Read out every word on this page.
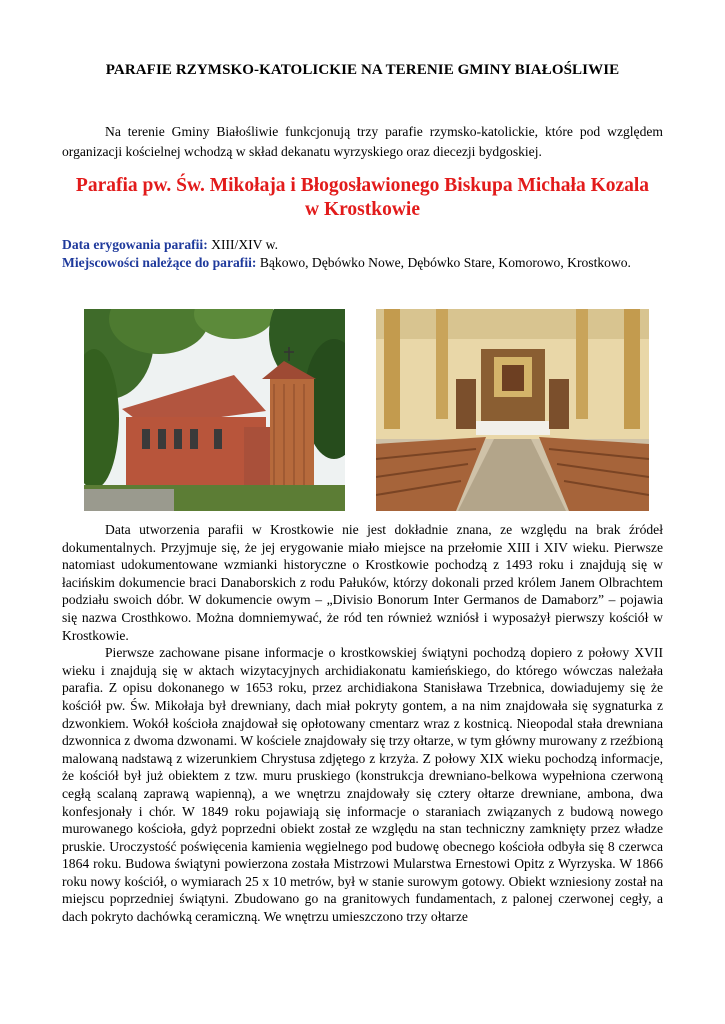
PARAFIE RZYMSKO-KATOLICKIE NA TERENIE GMINY BIAŁOŚLIWIE
Na terenie Gminy Białośliwie funkcjonują trzy parafie rzymsko-katolickie, które pod względem organizacji kościelnej wchodzą w skład dekanatu wyrzyskiego oraz diecezji bydgoskiej.
Parafia pw. Św. Mikołaja i Błogosławionego Biskupa Michała Kozala
w Krostkowie
Data erygowania parafii: XIII/XIV w.
Miejscowości należące do parafii: Bąkowo, Dębówko Nowe, Dębówko Stare, Komorowo, Krostkowo.

Data utworzenia parafii w Krostkowie nie jest dokładnie znana, ze względu na brak źródeł dokumentalnych. Przyjmuje się, że jej erygowanie miało miejsce na przełomie XIII i XIV wieku. Pierwsze natomiast udokumentowane wzmianki historyczne o Krostkowie pochodzą z 1493 roku i znajdują się w łacińskim dokumencie braci Danaborskich z rodu Pałuków, którzy dokonali przed królem Janem Olbrachtem podziału swoich dóbr. W dokumencie owym – „Divisio Bonorum Inter Germanos de Damaborz” – pojawia się nazwa Crosthkowo. Można domniemywać, że ród ten również wzniósł i wyposażył pierwszy kościół w Krostkowie.

Pierwsze zachowane pisane informacje o krostkowskiej świątyni pochodzą dopiero z połowy XVII wieku i znajdują się w aktach wizytacyjnych archidiakonatu kamieńskiego, do którego wówczas należała parafia. Z opisu dokonanego w 1653 roku, przez archidiakona Stanisława Trzebnica, dowiadujemy się że kościół pw. Św. Mikołaja był drewniany, dach miał pokryty gontem, a na nim znajdowała się sygnaturka z dzwonkiem. Wokół kościoła znajdował się opłotowany cmentarz wraz z kostnicą. Nieopodal stała drewniana dzwonnica z dwoma dzwonami. W kościele znajdowały się trzy ołtarze, w tym główny murowany z rzeźbioną malowaną nadstawą z wizerunkiem Chrystusa zdjętego z krzyża. Z połowy XIX wieku pochodzą informacje, że kościół był już obiektem z tzw. muru pruskiego (konstrukcja drewniano-belkowa wypełniona czerwoną cegłą scalaną zaprawą wapienną), a we wnętrzu znajdowały się cztery ołtarze drewniane, ambona, dwa konfesjonały i chór. W 1849 roku pojawiają się informacje o staraniach związanych z budową nowego murowanego kościoła, gdyż poprzedni obiekt został ze względu na stan techniczny zamknięty przez władze pruskie. Uroczystość poświęcenia kamienia węgielnego pod budowę obecnego kościoła odbyła się 8 czerwca 1864 roku. Budowa świątyni powierzona została Mistrzowi Mularstwa Ernestowi Opitz z Wyrzyska. W 1866 roku nowy kościół, o wymiarach 25 x 10 metrów, był w stanie surowym gotowy. Obiekt wzniesiony został na miejscu poprzedniej świątyni. Zbudowano go na granitowych fundamentach, z palonej czerwonej cegły, a dach pokryto dachówką ceramiczną. We wnętrzu umieszczono trzy ołtarze
